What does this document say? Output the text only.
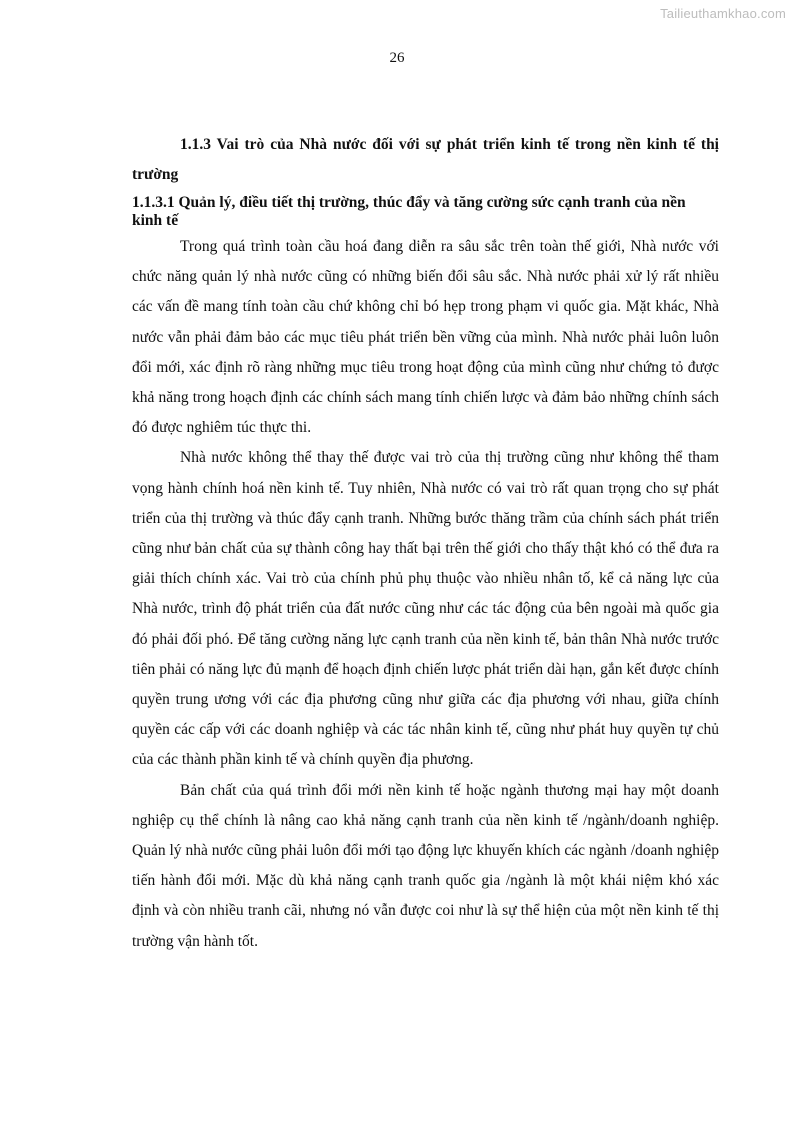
Tailieuthamkhao.com
26

1.1.3 Vai trò của Nhà nước đối với sự phát triển kinh tế trong nền kinh tế thị trường

1.1.3.1 Quản lý, điều tiết thị trường, thúc đẩy và tăng cường sức cạnh tranh của nền kinh tế

Trong quá trình toàn cầu hoá đang diễn ra sâu sắc trên toàn thế giới, Nhà nước với chức năng quản lý nhà nước cũng có những biến đổi sâu sắc. Nhà nước phải xử lý rất nhiều các vấn đề mang tính toàn cầu chứ không chỉ bó hẹp trong phạm vi quốc gia. Mặt khác, Nhà nước vẫn phải đảm bảo các mục tiêu phát triển bền vững của mình. Nhà nước phải luôn luôn đổi mới, xác định rõ ràng những mục tiêu trong hoạt động của mình cũng như chứng tỏ được khả năng trong hoạch định các chính sách mang tính chiến lược và đảm bảo những chính sách đó được nghiêm túc thực thi.

Nhà nước không thể thay thế được vai trò của thị trường cũng như không thể tham vọng hành chính hoá nền kinh tế. Tuy nhiên, Nhà nước có vai trò rất quan trọng cho sự phát triển của thị trường và thúc đẩy cạnh tranh. Những bước thăng trầm của chính sách phát triển cũng như bản chất của sự thành công hay thất bại trên thế giới cho thấy thật khó có thể đưa ra giải thích chính xác. Vai trò của chính phủ phụ thuộc vào nhiều nhân tố, kể cả năng lực của Nhà nước, trình độ phát triển của đất nước cũng như các tác động của bên ngoài mà quốc gia đó phải đối phó. Để tăng cường năng lực cạnh tranh của nền kinh tế, bản thân Nhà nước trước tiên phải có năng lực đủ mạnh để hoạch định chiến lược phát triển dài hạn, gắn kết được chính quyền trung ương với các địa phương cũng như giữa các địa phương với nhau, giữa chính quyền các cấp với các doanh nghiệp và các tác nhân kinh tế, cũng như phát huy quyền tự chủ của các thành phần kinh tế và chính quyền địa phương.

Bản chất của quá trình đổi mới nền kinh tế hoặc ngành thương mại hay một doanh nghiệp cụ thể chính là nâng cao khả năng cạnh tranh của nền kinh tế /ngành/doanh nghiệp. Quản lý nhà nước cũng phải luôn đổi mới tạo động lực khuyến khích các ngành /doanh nghiệp tiến hành đổi mới. Mặc dù khả năng cạnh tranh quốc gia /ngành là một khái niệm khó xác định và còn nhiều tranh cãi, nhưng nó vẫn được coi như là sự thể hiện của một nền kinh tế thị trường vận hành tốt.
